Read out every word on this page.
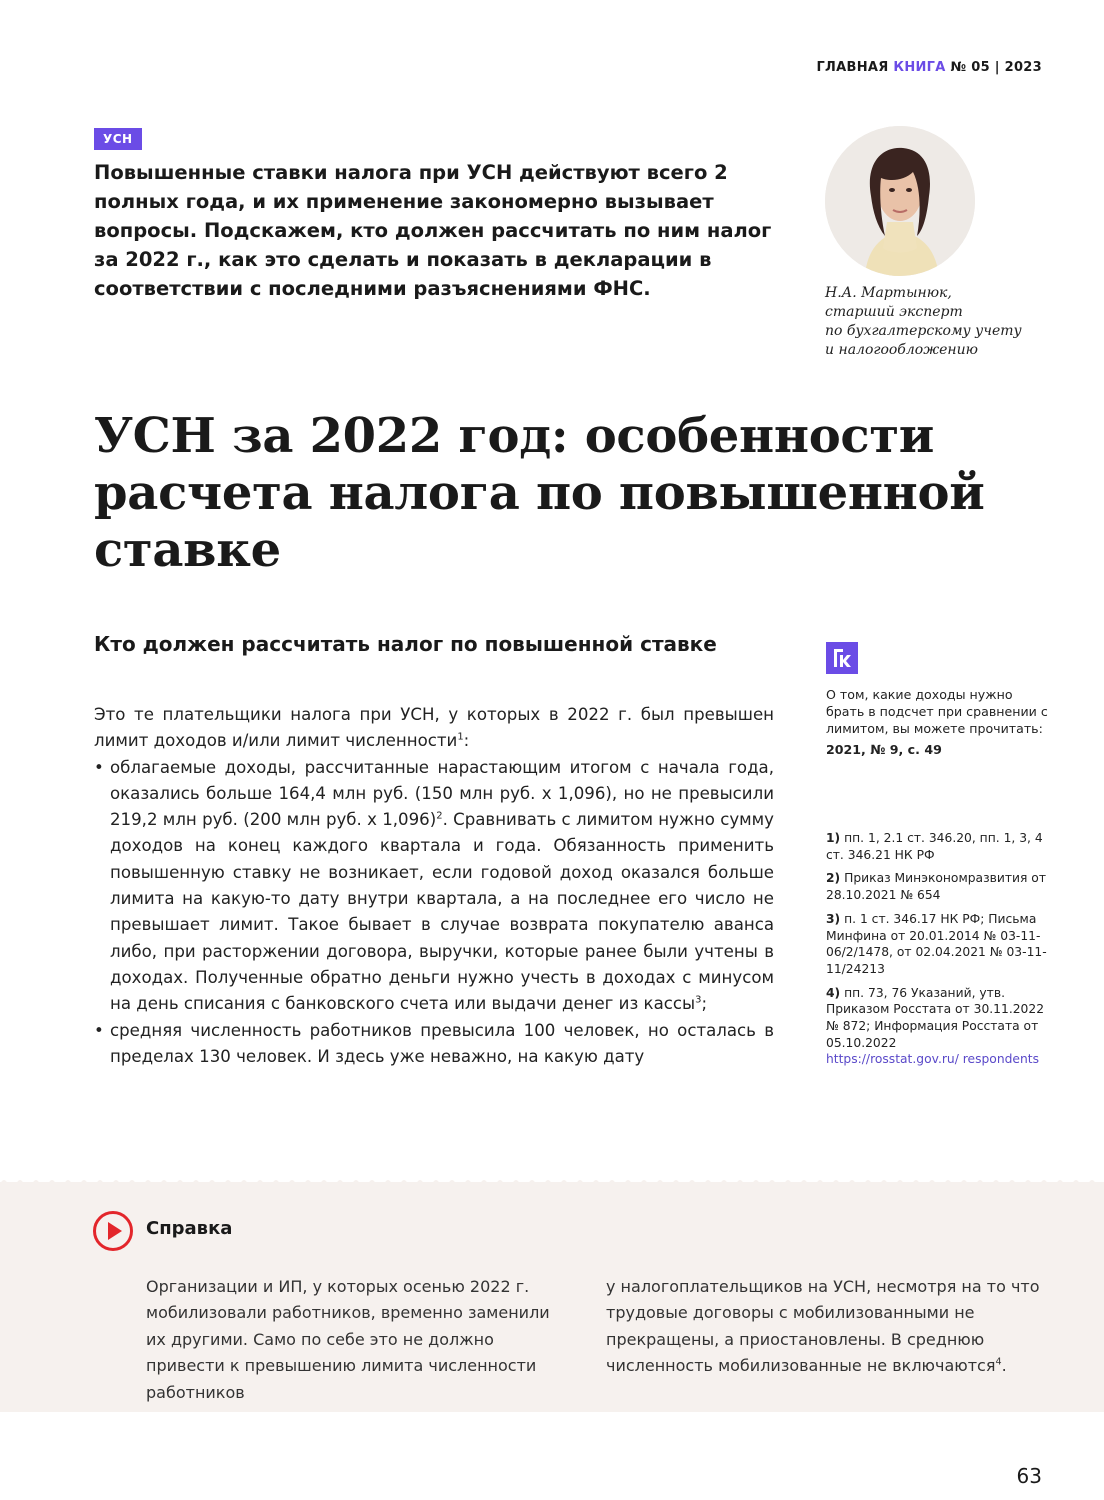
ГЛАВНАЯ КНИГА № 05 | 2023
УСН
Повышенные ставки налога при УСН действуют всего 2 полных года, и их применение закономерно вызывает вопросы. Подскажем, кто должен рассчитать по ним налог за 2022 г., как это сделать и показать в декларации в соответствии с последними разъяснениями ФНС.	Н.А. Мартынюк,
старший эксперт
по бухгалтерскому учету
и налогообложению
УСН за 2022 год: особенности расчета налога по повышенной ставке
Кто должен рассчитать налог по повышенной ставке

Это те плательщики налога при УСН, у которых в 2022 г. был превышен лимит доходов и/или лимит численности$^1$:

• облагаемые доходы, рассчитанные нарастающим итогом с начала года, оказались больше 164,4 млн руб. (150 млн руб. х 1,096), но не превысили 219,2 млн руб. (200 млн руб. х 1,096)$^2$. Сравнивать с лимитом нужно сумму доходов на конец каждого квартала и года. Обязанность применить повышенную ставку не возникает, если годовой доход оказался больше лимита на какую-то дату внутри квартала, а на последнее его число не превышает лимит. Такое бывает в случае возврата покупателю аванса либо, при расторжении договора, выручки, которые ранее были учтены в доходах. Полученные обратно деньги нужно учесть в доходах с минусом на день списания с банковского счета или выдачи денег из кассы$^3$;
• средняя численность работников превысила 100 человек, но осталась в пределах 130 человек. И здесь уже неважно, на какую дату
О том, какие доходы нужно брать в подсчет при сравнении с лимитом, вы можете прочитать:
2021, № 9, с. 49
1) пп. 1, 2.1 ст. 346.20, пп. 1, 3, 4 ст. 346.21 НК РФ
2) Приказ Минэкономразвития от 28.10.2021 № 654
3) п. 1 ст. 346.17 НК РФ; Письма Минфина от 20.01.2014 № 03-11-06/2/1478, от 02.04.2021 № 03-11-11/24213
4) пп. 73, 76 Указаний, утв. Приказом Росстата от 30.11.2022 № 872; Информация Росстата от 05.10.2022
https://rosstat.gov.ru/ respondents
Справка
Организации и ИП, у которых осенью 2022 г. мобилизовали работников, временно заменили их другими. Само по себе это не должно привести к превышению лимита численности работников
у налогоплательщиков на УСН, несмотря на то что трудовые договоры с мобилизованными не прекращены, а приостановлены. В среднюю численность мобилизованные не включаются$^4$.
63
